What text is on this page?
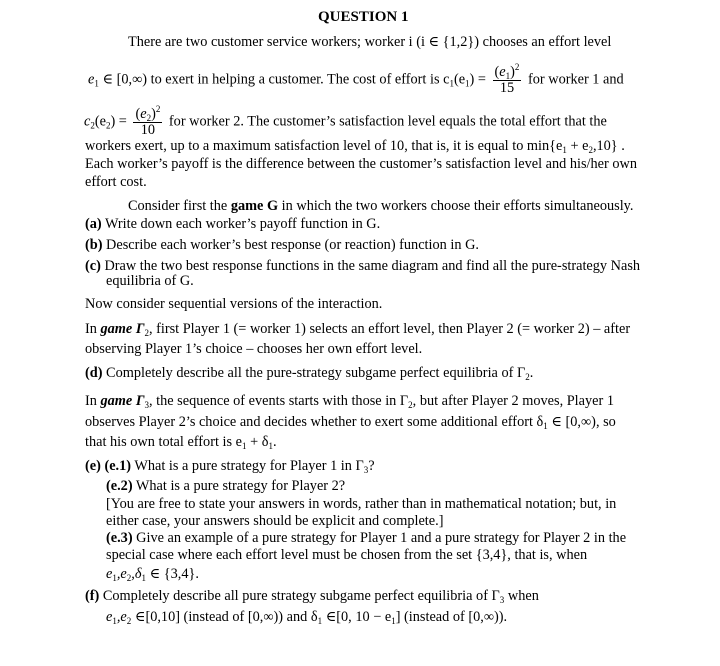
QUESTION 1
There are two customer service workers; worker i (i ∈ {1,2}) chooses an effort level
$e_1$ ∈ [0,∞) to exert in helping a customer. The cost of effort is $c_1(e_1) = \frac{(e_1)^2}{15}$ for worker 1 and
$c_2(e_2) = \frac{(e_2)^2}{10}$ for worker 2. The customer’s satisfaction level equals the total effort that the
workers exert, up to a maximum satisfaction level of 10, that is, it is equal to $\min\{e_1 + e_2,10\}$ .
Each worker’s payoff is the difference between the customer’s satisfaction level and his/her own
effort cost.
Consider first the game G in which the two workers choose their efforts simultaneously.
(a) Write down each worker’s payoff function in G.
(b) Describe each worker’s best response (or reaction) function in G.
(c) Draw the two best response functions in the same diagram and find all the pure-strategy Nash
equilibria of G.
Now consider sequential versions of the interaction.
In game $\Gamma_2$, first Player 1 (= worker 1) selects an effort level, then Player 2 (= worker 2) – after
observing Player 1’s choice – chooses her own effort level.
(d) Completely describe all the pure-strategy subgame perfect equilibria of $\Gamma_2$.
In game $\Gamma_3$, the sequence of events starts with those in $\Gamma_2$, but after Player 2 moves, Player 1
observes Player 2’s choice and decides whether to exert some additional effort $\delta_1$ ∈ [0,∞), so
that his own total effort is $e_1 + \delta_1$.
(e) (e.1) What is a pure strategy for Player 1 in $\Gamma_3$?
(e.2) What is a pure strategy for Player 2?
[You are free to state your answers in words, rather than in mathematical notation; but, in
either case, your answers should be explicit and complete.]
(e.3) Give an example of a pure strategy for Player 1 and a pure strategy for Player 2 in the
special case where each effort level must be chosen from the set {3,4}, that is, when
$e_1,e_2,\delta_1$ ∈ {3,4}.
(f) Completely describe all pure strategy subgame perfect equilibria of $\Gamma_3$ when
$e_1,e_2$ ∈[0,10] (instead of [0,∞)) and $\delta_1$ ∈[0, $10 - e_1$] (instead of [0,∞)).
